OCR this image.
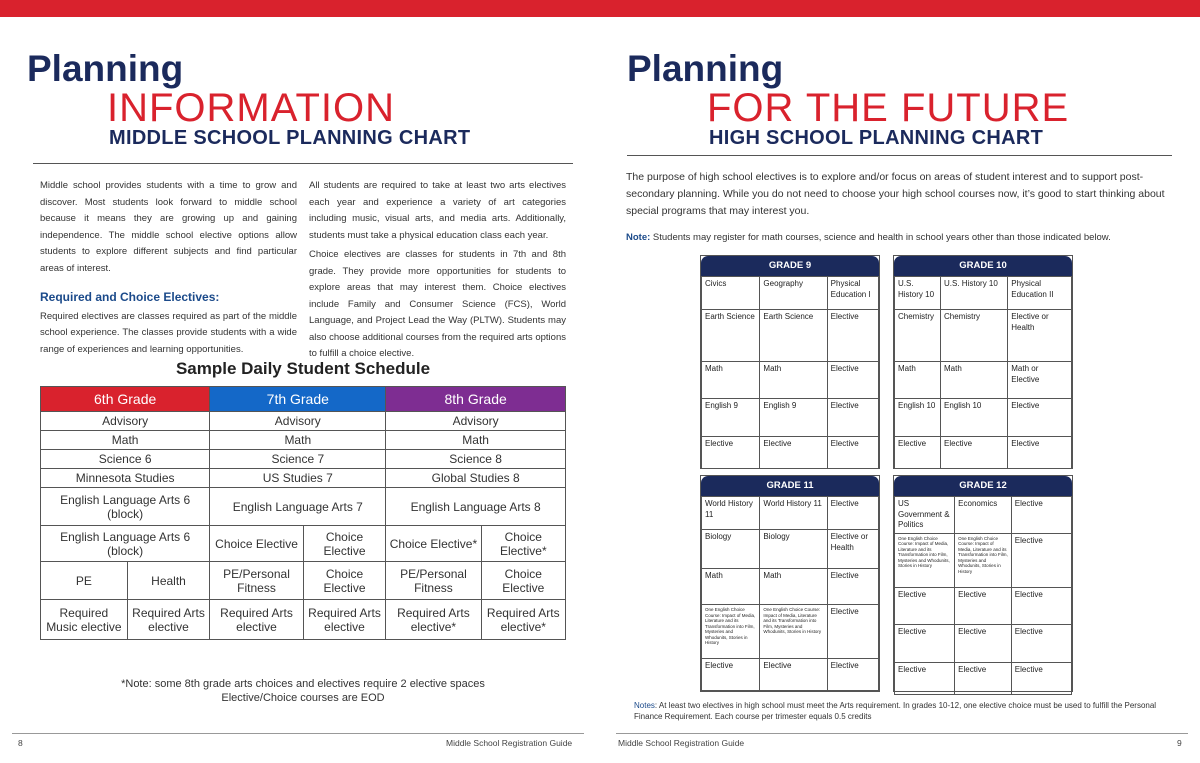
Planning
INFORMATION
MIDDLE SCHOOL PLANNING CHART

Middle school provides students with a time to grow and discover. Most students look forward to middle school because it means they are growing up and gaining independence. The middle school elective options allow students to explore different subjects and find particular areas of interest.

Required and Choice Electives:

Required electives are classes required as part of the middle school experience. The classes provide students with a wide range of experiences and learning opportunities.

All students are required to take at least two arts electives each year and experience a variety of art categories including music, visual arts, and media arts. Additionally, students must take a physical education class each year.

Choice electives are classes for students in 7th and 8th grade. They provide more opportunities for students to explore areas that may interest them. Choice electives include Family and Consumer Science (FCS), World Language, and Project Lead the Way (PLTW). Students may also choose additional courses from the required arts options to fulfill a choice elective.

Sample Daily Student Schedule
6th Grade		7th Grade		8th Grade	
Advisory		Advisory		Advisory	
Math		Math		Math	
Science 6		Science 7		Science 8	
Minnesota Studies		US Studies 7		Global Studies 8	
English Language Arts 6 (block)		English Language Arts 7		English Language Arts 8	
English Language Arts 6 (block)		Choice Elective	Choice Elective	Choice Elective*	Choice Elective*
PE	Health	PE/Personal Fitness	Choice Elective	PE/Personal Fitness	Choice Elective
Required Music elective	Required Arts elective	Required Arts elective	Required Arts elective	Required Arts elective*	Required Arts elective*
*Note: some 8th grade arts choices and electives require 2 elective spaces
Elective/Choice courses are EOD
8	Middle School Registration Guide
Planning
FOR THE FUTURE
HIGH SCHOOL PLANNING CHART
The purpose of high school electives is to explore and/or focus on areas of student interest and to support post-secondary planning. While you do not need to choose your high school courses now, it’s good to start thinking about special programs that may interest you.
Note: Students may register for math courses, science and health in school years other than those indicated below.
GRADE 9
Civics	Geography	Physical Education I
Earth Science	Earth Science	Elective
Math	Math	Elective
English 9	English 9	Elective
Elective	Elective	Elective
GRADE 10
U.S. History 10	U.S. History 10	Physical Education II
Chemistry	Chemistry	Elective or Health
Math	Math	Math or Elective
English 10	English 10	Elective
Elective	Elective	Elective
GRADE 11
World History 11	World History 11	Elective
Biology	Biology	Elective or Health
Math	Math	Elective
One English Choice Course: Impact of Media, Literature and its Transformation into Film, Mysteries and Whodunits, Stories in History	One English Choice Course: Impact of Media, Literature and its Transformation into Film, Mysteries and Whodunits, Stories in History	Elective
Elective	Elective	Elective
GRADE 12
US Government & Politics	Economics	Elective
One English Choice Course: Impact of Media, Literature and its Transformation into Film, Mysteries and Whodunits, Stories in History	One English Choice Course: Impact of Media, Literature and its Transformation into Film, Mysteries and Whodunits, Stories in History	Elective
Elective	Elective	Elective
Elective	Elective	Elective
Elective	Elective	Elective
Notes: At least two electives in high school must meet the Arts requirement. In grades 10-12, one elective choice must be used to fulfill the Personal Finance Requirement. Each course per trimester equals 0.5 credits
Middle School Registration Guide	9
